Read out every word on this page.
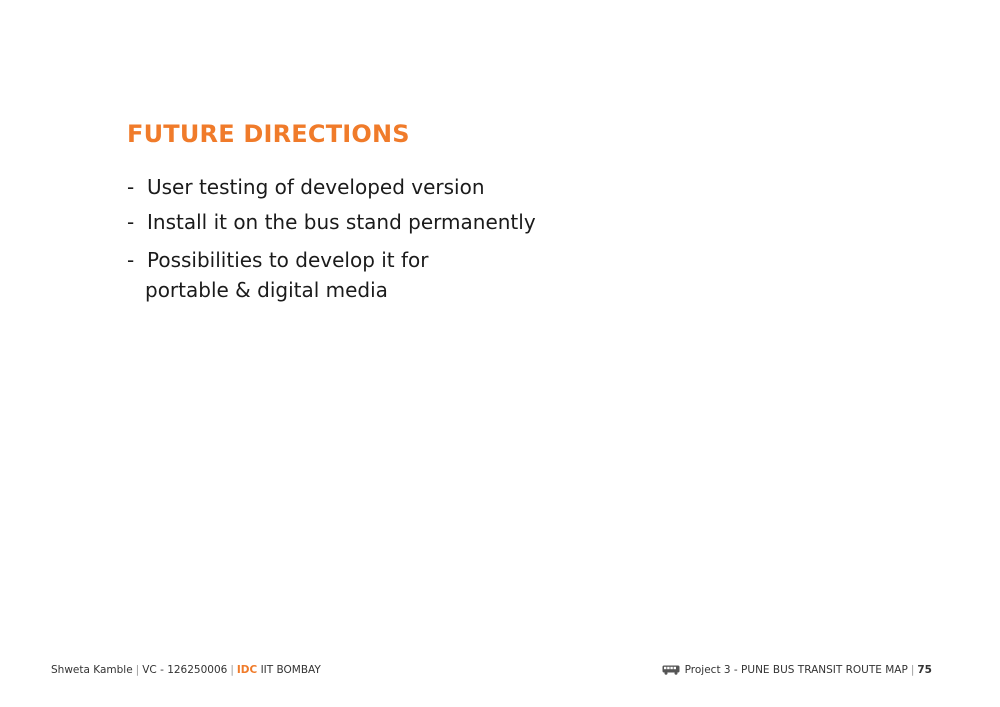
FUTURE DIRECTIONS
- User testing of developed version
- Install it on the bus stand permanently
- Possibilities to develop it for
portable & digital media
Shweta Kamble | VC - 126250006 | IDC IIT BOMBAY	Project 3 - PUNE BUS TRANSIT ROUTE MAP | 75
